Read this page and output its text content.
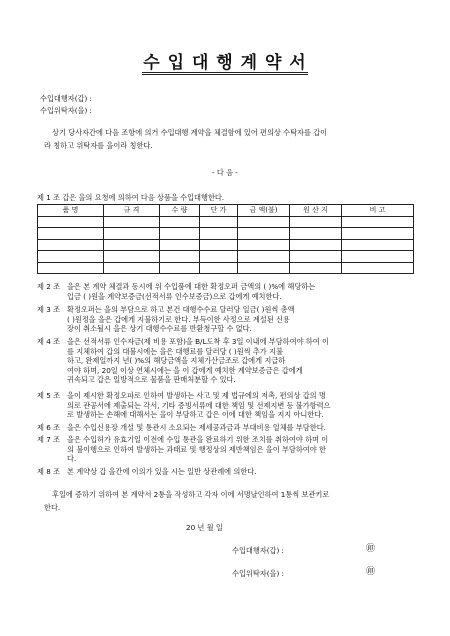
수 입 대 행 계 약 서
수입대행자(갑) :
수입위탁자(을) :
상기 당사자간에 다음 조항에 의거 수입대행 계약을 체결함에 있어 편의상 수탁자를 갑이
라 칭하고 위탁자를 을이라 칭한다.
- 다 음 -
제 1 조 갑은 을의 요청에 의하여 다음 상품을 수입대행한다.
품 명	규 격	수 량	단 가	금 액(불)	원 산 지	비 고

제 2 조 을은 본 계약 체결과 동시에 위 수입품에 대한 확정오퍼 금액의 ( )%에 해당하는
입금 ( )원을 계약보증금(선적서류 인수보증금)으로 갑에게 예치한다.
제 3 조 확정오퍼는 을의 부담으로 하고 본건 대행수수료 달러당 일금( )원씩 총액
( )원정을 을은 갑에게 지불하기로 한다. 부득이한 사정으로 계설된 신용
장이 취소될시 을은 상기 대행수수료를 반환청구할 수 없다.
제 4 조 을은 선적서류 인수자금(제 비용 포함)을 B/L도착 후 3일 이내에 부담하여야 하여 이
를 지체하여 갑의 대불시에는 을은 대행료를 달러당 ( )원씩 추가 지불
하고, 완제일까지 년( )%의 해당금액을 지체가산금조로 갑에게 지급하
여야 하며, 20일 이상 연체시에는 을 이 갑에게 예치한 계약보증금은 갑에게
귀속되고 갑은 일방적으로 물품을 판매처분할 수 있다.
제 5 조 을이 제시한 확정오파로 인하여 발생하는 사고 및 제 법규에의 저촉, 편의상 갑의 명
의로 관공서에 제출되는 각서, 기타 증빙서류에 대한 책임 및 선제지변 등 불가항력으
로 발생하는 손해에 대해서는 을이 부담하고 갑은 이에 대한 책임을 지지 아니한다.
제 6 조 을은 수입신용장 개설 및 통관시 소요되는 제세공과금과 부대비용 일체를 부담한다.
제 7 조 을은 수입허가 유효기일 이전에 수입 통관을 완료하기 위한 조치를 취하여야 하며 이
의 불이행으로 인하여 발생하는 과태료 및 행정상의 제반책임은 을이 부담하여야 한
다.
제 8 조 본 계약상 갑 을간에 이의가 있을 시는 일반 상관례에 의한다.
후일에 증하기 위하여 본 계약서 2통을 작성하고 각자 이에 서명날인하여 1통씩 보관키로
한다.
20 년 월 일
수입대행자(갑) :	㊞
수입위탁자(을) :	㊞
